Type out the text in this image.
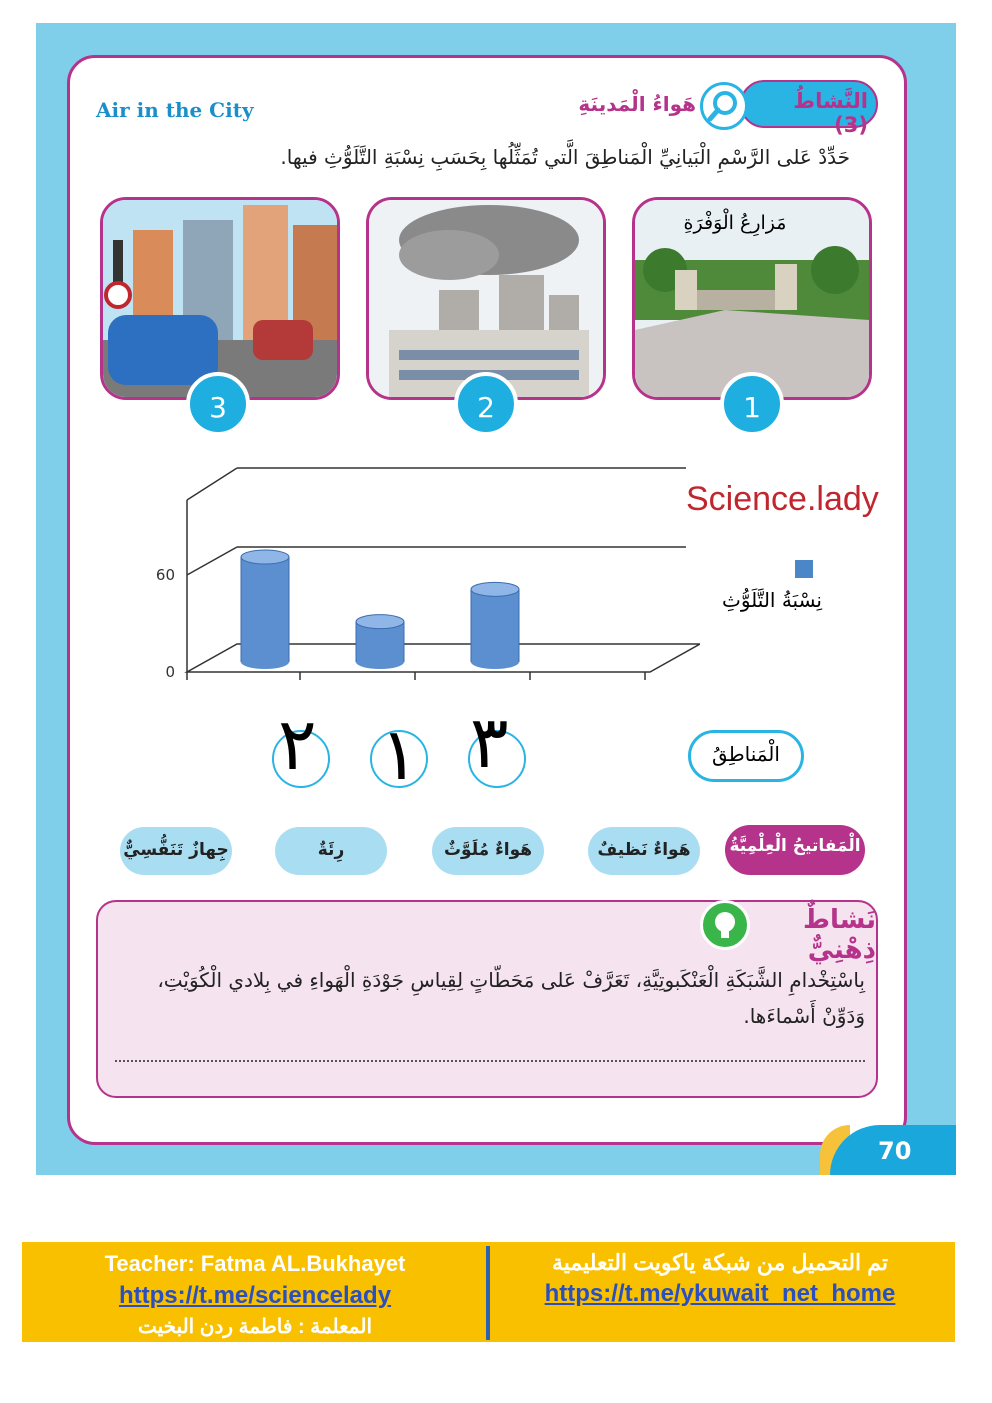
Air in the City	النَّشاطُ (3)
هَواءُ الْمَدينَةِ
حَدِّدْ عَلى الرَّسْمِ الْبَيانِيِّ الْمَناطِقَ الَّتي تُمَثِّلُها بِحَسَبِ نِسْبَةِ التَّلَوُّثِ فيها.
مَزارِعُ الْوَفْرَةِ
1
2
3
Science.lady
0
60
نِسْبَةُ التَّلَوُّثِ
الْمَناطِقُ
٢ ١ ٣
الْمَفاتيحُ الْعِلْمِيَّةُ
هَواءٌ نَظيفٌ
هَواءٌ مُلَوَّثٌ
رِئَةٌ
جِهازٌ تَنَفُّسِيٌّ
نَشاطٌ ذِهْنِيٌّ
بِاسْتِخْدامِ الشَّبَكَةِ الْعَنْكَبوتِيَّةِ، تَعَرَّفْ عَلى مَحَطّاتٍ لِقِياسِ جَوْدَةِ الْهَواءِ في بِلادي الْكُوَيْتِ، وَدَوِّنْ أَسْماءَها.
70
تم التحميل من شبكة ياكويت التعليمية
https://t.me/ykuwait_net_home
Teacher: Fatma AL.Bukhayet
https://t.me/sciencelady
المعلمة : فاطمة ردن البخيت
